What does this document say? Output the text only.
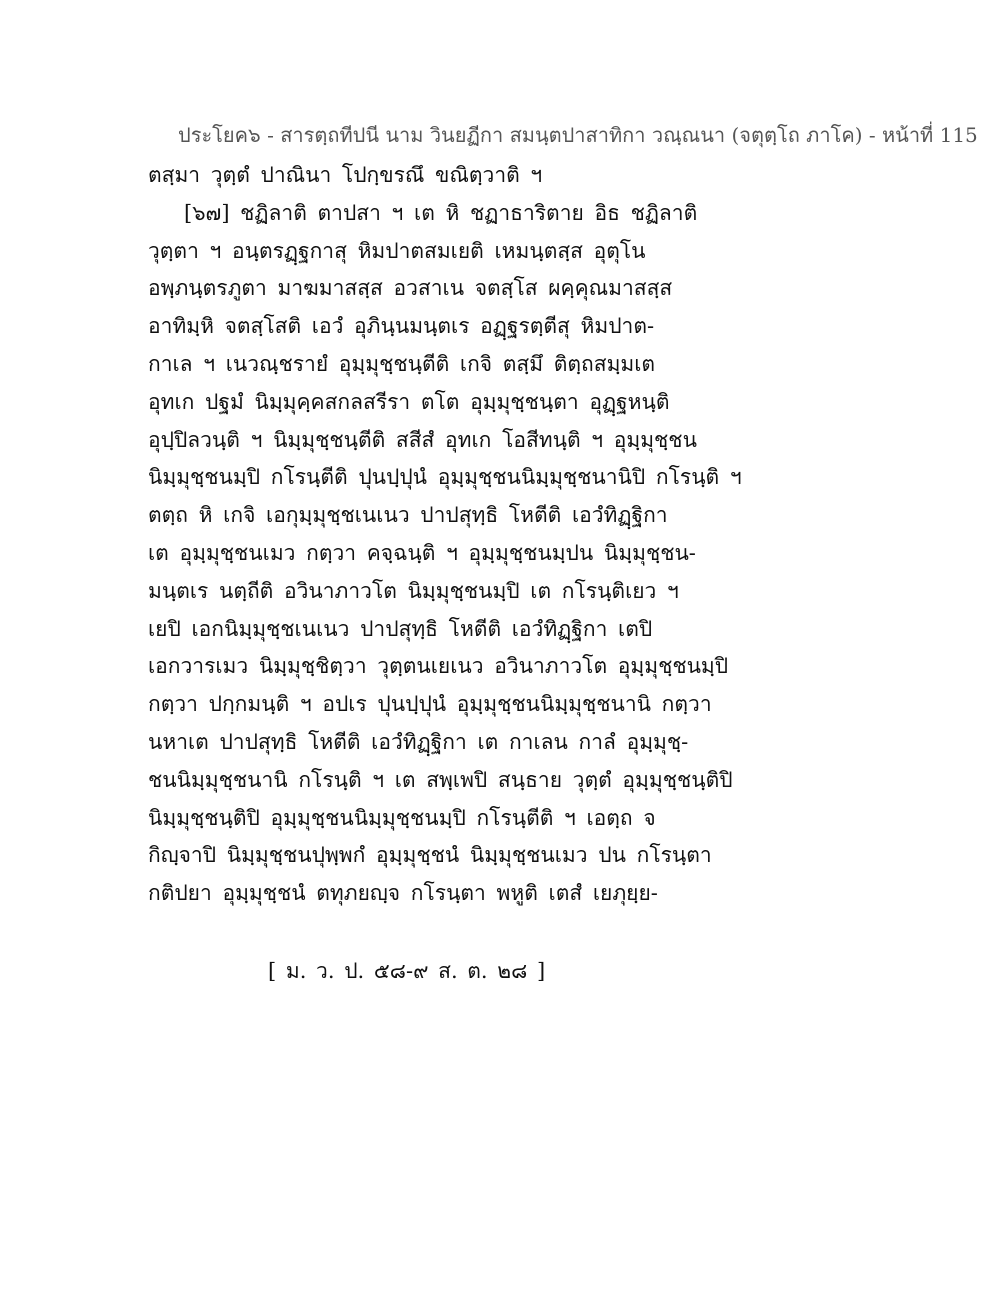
ประโยค๖ - สารตฺถทีปนี นาม วินยฏีกา สมนฺตปาสาทิกา วณฺณนา (จตุตฺโถ ภาโค) - หน้าที่ 115
ตสฺมา วุตฺตํ ปาณินา โปกฺขรณึ ขณิตฺวาติ ฯ
[๖๗] ชฏิลาติ ตาปสา ฯ เต หิ ชฏาธาริตาย อิธ ชฏิลาติ
วุตฺตา ฯ อนฺตรฏฺฐกาสุ หิมปาตสมเยติ เหมนฺตสฺส อุตุโน
อพฺภนฺตรภูตา มาฆมาสสฺส อวสาเน จตสฺโส ผคฺคุณมาสสฺส
อาทิมฺหิ จตสฺโสติ เอวํ อุภินฺนมนฺตเร อฏฺฐรตฺตีสุ หิมปาต-
กาเล ฯ เนวณฺชรายํ อุมฺมุชฺชนฺตีติ เกจิ ตสฺมึ ติตฺถสมฺมเต
อุทเก ปฐมํ นิมฺมุคฺคสกลสรีรา ตโต อุมฺมุชฺชนฺตา อุฏฺฐหนฺติ
อุปฺปิลวนฺติ ฯ นิมฺมุชฺชนฺตีติ สสีสํ อุทเก โอสีทนฺติ ฯ อุมฺมุชฺชน
นิมฺมุชฺชนมฺปิ กโรนฺตีติ ปุนปฺปุนํ อุมฺมุชฺชนนิมฺมุชฺชนานิปิ กโรนฺติ ฯ
ตตฺถ หิ เกจิ เอกุมฺมุชฺชเนเนว ปาปสุทฺธิ โหตีติ เอวํทิฏฺฐิกา
เต อุมฺมุชฺชนเมว กตฺวา คจฺฉนฺติ ฯ อุมฺมุชฺชนมฺปน นิมฺมุชฺชน-
มนฺตเร นตฺถีติ อวินาภาวโต นิมฺมุชฺชนมฺปิ เต กโรนฺติเยว ฯ
เยปิ เอกนิมฺมุชฺชเนเนว ปาปสุทฺธิ โหตีติ เอวํทิฏฺฐิกา เตปิ
เอกวารเมว นิมฺมุชฺชิตฺวา วุตฺตนเยเนว อวินาภาวโต อุมฺมุชฺชนมฺปิ
กตฺวา ปกฺกมนฺติ ฯ อปเร ปุนปฺปุนํ อุมฺมุชฺชนนิมฺมุชฺชนานิ กตฺวา
นหาเต ปาปสุทฺธิ โหตีติ เอวํทิฏฺฐิกา เต กาเลน กาลํ อุมฺมุชฺ-
ชนนิมฺมุชฺชนานิ กโรนฺติ ฯ เต สพฺเพปิ สนฺธาย วุตฺตํ อุมฺมุชฺชนฺติปิ
นิมฺมุชฺชนฺติปิ อุมฺมุชฺชนนิมฺมุชฺชนมฺปิ กโรนฺตีติ ฯ เอตฺถ จ
กิญฺจาปิ นิมฺมุชฺชนปุพฺพกํ อุมฺมุชฺชนํ นิมฺมุชฺชนเมว ปน กโรนฺตา
กติปยา อุมฺมุชฺชนํ ตทุภยญฺจ กโรนฺตา พหูติ เตสํ เยภุยฺย-
[ ม. ว. ป. ๕๘-๙ ส. ต. ๒๘ ]
